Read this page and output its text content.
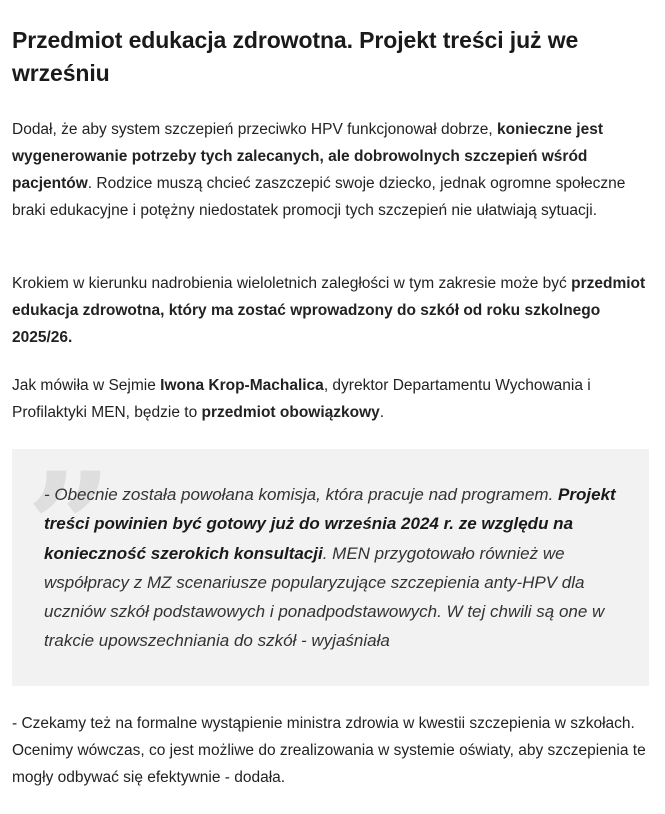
Przedmiot edukacja zdrowotna. Projekt treści już we wrześniu

Dodał, że aby system szczepień przeciwko HPV funkcjonował dobrze, konieczne jest wygenerowanie potrzeby tych zalecanych, ale dobrowolnych szczepień wśród pacjentów. Rodzice muszą chcieć zaszczepić swoje dziecko, jednak ogromne społeczne braki edukacyjne i potężny niedostatek promocji tych szczepień nie ułatwiają sytuacji.

Krokiem w kierunku nadrobienia wieloletnich zaległości w tym zakresie może być przedmiot edukacja zdrowotna, który ma zostać wprowadzony do szkół od roku szkolnego 2025/26.

Jak mówiła w Sejmie Iwona Krop-Machalica, dyrektor Departamentu Wychowania i Profilaktyki MEN, będzie to przedmiot obowiązkowy.

”

- Obecnie została powołana komisja, która pracuje nad programem. Projekt treści powinien być gotowy już do września 2024 r. ze względu na konieczność szerokich konsultacji. MEN przygotowało również we współpracy z MZ scenariusze popularyzujące szczepienia anty-HPV dla uczniów szkół podstawowych i ponadpodstawowych. W tej chwili są one w trakcie upowszechniania do szkół - wyjaśniała

- Czekamy też na formalne wystąpienie ministra zdrowia w kwestii szczepienia w szkołach. Ocenimy wówczas, co jest możliwe do zrealizowania w systemie oświaty, aby szczepienia te mogły odbywać się efektywnie - dodała.
